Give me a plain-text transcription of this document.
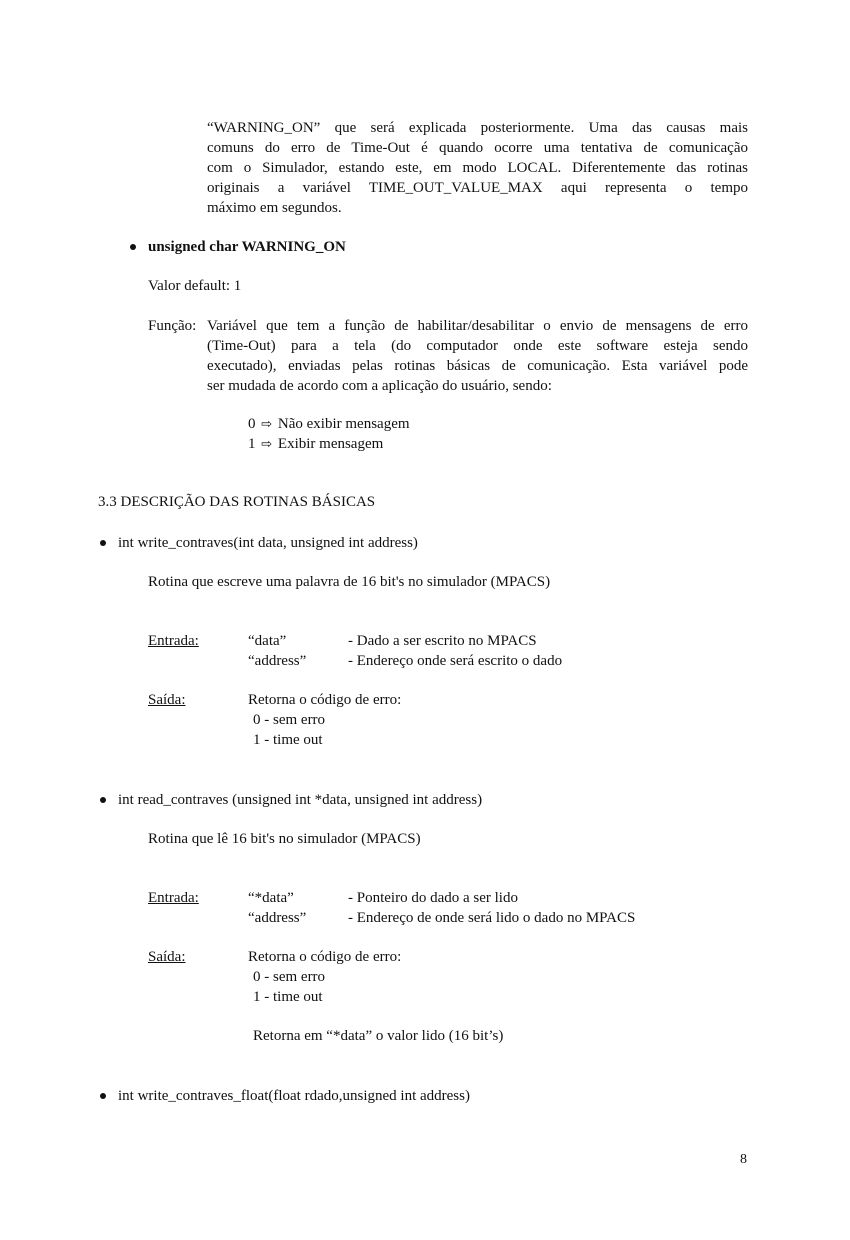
“WARNING_ON” que será explicada posteriormente. Uma das causas mais
comuns do erro de Time-Out é quando ocorre uma tentativa de comunicação
com o Simulador, estando este, em modo LOCAL. Diferentemente das rotinas
originais a variável TIME_OUT_VALUE_MAX aqui representa o tempo
máximo em segundos.
unsigned char WARNING_ON
Valor default: 1
Função: Variável que tem a função de habilitar/desabilitar o envio de mensagens de erro
(Time-Out) para a tela (do computador onde este software esteja sendo
executado), enviadas pelas rotinas básicas de comunicação. Esta variável pode
ser mudada de acordo com a aplicação do usuário, sendo:
0 ⇨ Não exibir mensagem
1 ⇨ Exibir mensagem
3.3 DESCRIÇÃO DAS ROTINAS BÁSICAS
int write_contraves(int data, unsigned int address)
Rotina que escreve uma palavra de 16 bit's no simulador (MPACS)
Entrada:	“data”	- Dado a ser escrito no MPACS
“address”	- Endereço onde será escrito o dado
Saída:	Retorna o código de erro:
0 - sem erro
1 - time out
int read_contraves (unsigned int *data, unsigned int address)
Rotina que lê 16 bit's no simulador (MPACS)
Entrada:	“*data”	- Ponteiro do dado a ser lido
“address”	- Endereço de onde será lido o dado no MPACS
Saída:	Retorna o código de erro:
0 - sem erro
1 - time out
Retorna em “*data” o valor lido (16 bit’s)
int write_contraves_float(float rdado,unsigned int address)
8
